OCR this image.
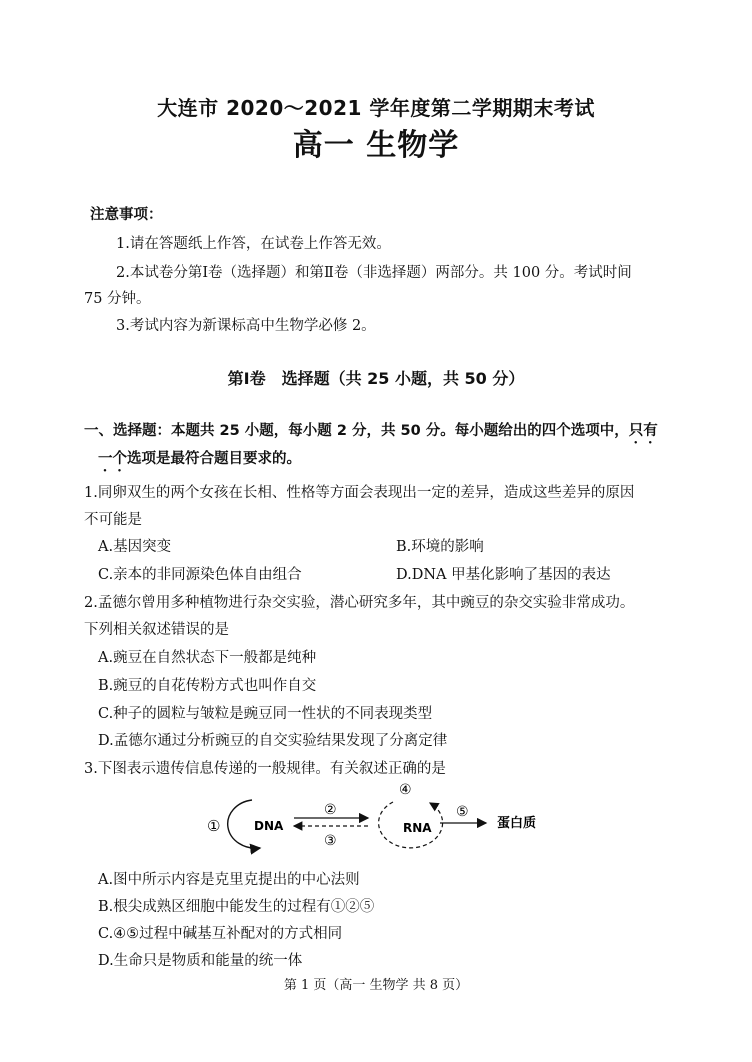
大连市 2020～2021 学年度第二学期期末考试
高一 生物学
注意事项：
1.请在答题纸上作答，在试卷上作答无效。
2.本试卷分第Ⅰ卷（选择题）和第Ⅱ卷（非选择题）两部分。共 100 分。考试时间
75 分钟。
3.考试内容为新课标高中生物学必修 2。
第Ⅰ卷　选择题（共 25 小题，共 50 分）
一、选择题：本题共 25 小题，每小题 2 分，共 50 分。每小题给出的四个选项中，只有
一个选项是最符合题目要求的。
1.同卵双生的两个女孩在长相、性格等方面会表现出一定的差异，造成这些差异的原因
不可能是
A.基因突变	B.环境的影响
C.亲本的非同源染色体自由组合	D.DNA 甲基化影响了基因的表达
2.孟德尔曾用多种植物进行杂交实验，潜心研究多年，其中豌豆的杂交实验非常成功。
下列相关叙述错误的是
A.豌豆在自然状态下一般都是纯种
B.豌豆的自花传粉方式也叫作自交
C.种子的圆粒与皱粒是豌豆同一性状的不同表现类型
D.孟德尔通过分析豌豆的自交实验结果发现了分离定律
3.下图表示遗传信息传递的一般规律。有关叙述正确的是
①	DNA
②
③
④
RNA
⑤
蛋白质
A.图中所示内容是克里克提出的中心法则
B.根尖成熟区细胞中能发生的过程有①②⑤
C.④⑤过程中碱基互补配对的方式相同
D.生命只是物质和能量的统一体
第 1 页（高一 生物学 共 8 页）
